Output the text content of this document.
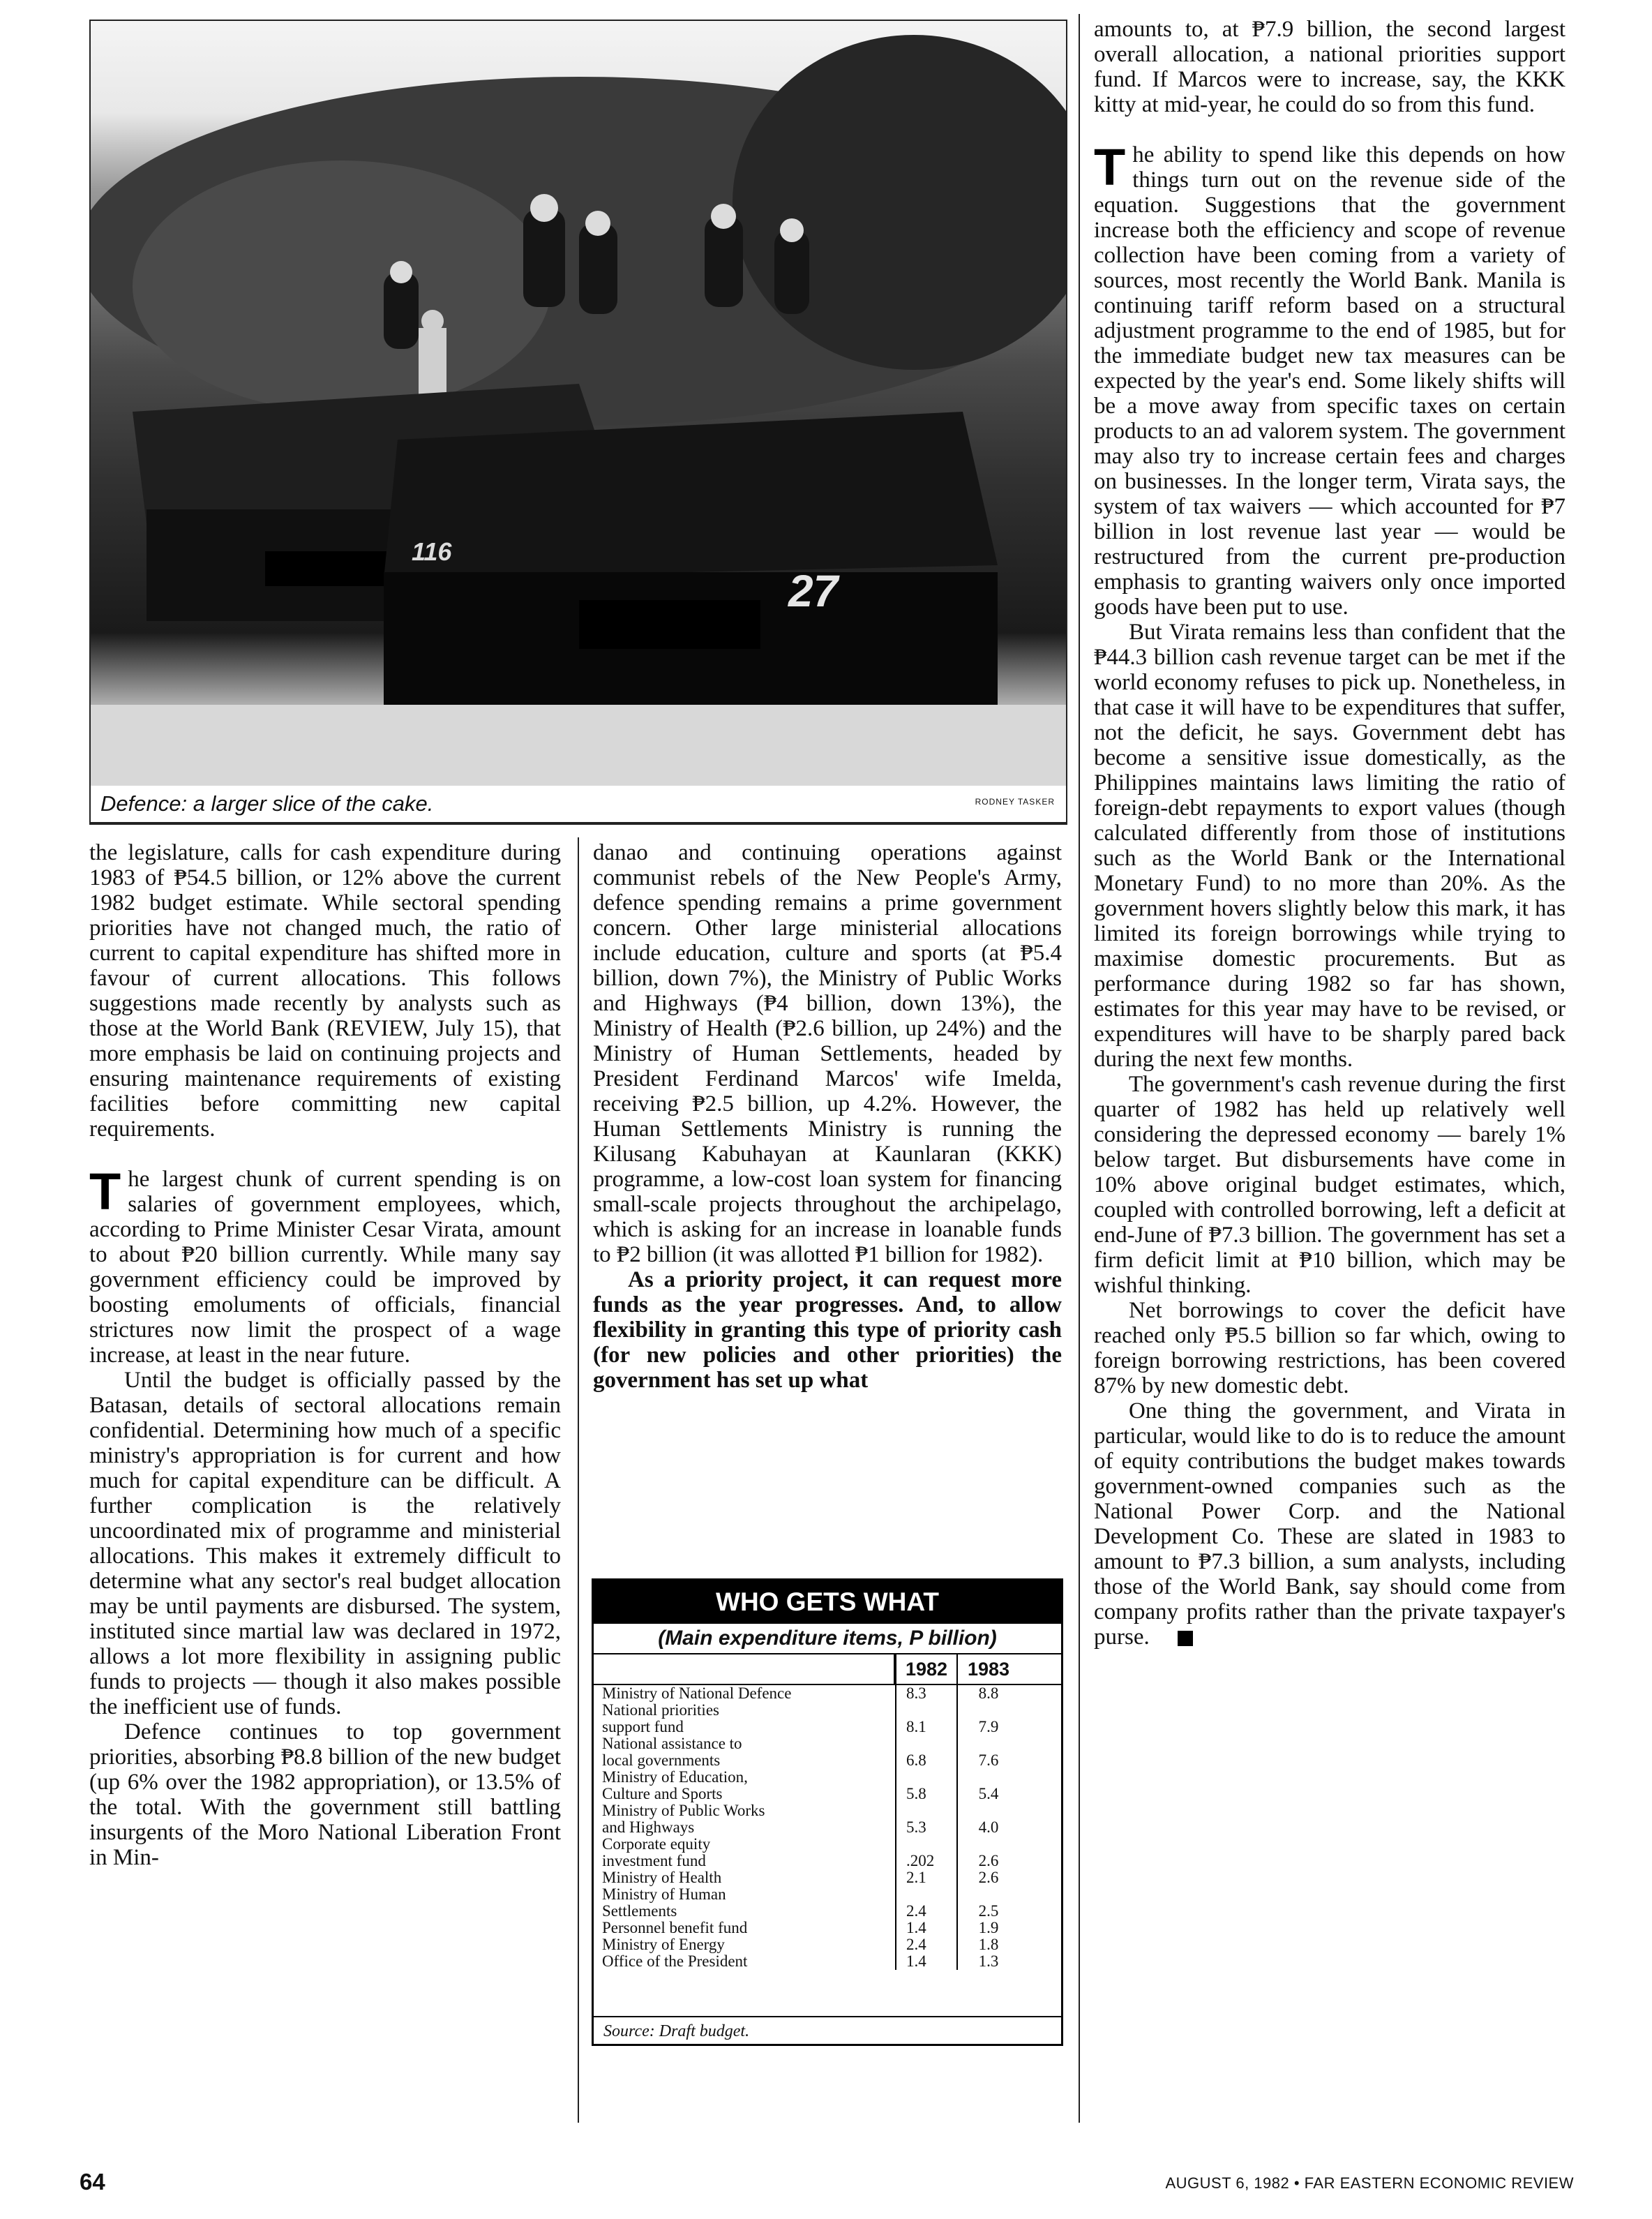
27
116
Defence: a larger slice of the cake.	RODNEY TASKER

the legislature, calls for cash expenditure during 1983 of ₱54.5 billion, or 12% above the current 1982 budget estimate. While sectoral spending priorities have not changed much, the ratio of current to capital expenditure has shifted more in favour of current allocations. This follows suggestions made recently by analysts such as those at the World Bank (REVIEW, July 15), that more emphasis be laid on continuing projects and ensuring maintenance requirements of existing facilities before committing new capital requirements.

The largest chunk of current spending is on salaries of government employees, which, according to Prime Minister Cesar Virata, amount to about ₱20 billion currently. While many say government efficiency could be improved by boosting emoluments of officials, financial strictures now limit the prospect of a wage increase, at least in the near future.

Until the budget is officially passed by the Batasan, details of sectoral allocations remain confidential. Determining how much of a specific ministry's appropriation is for current and how much for capital expenditure can be difficult. A further complication is the relatively uncoordinated mix of programme and ministerial allocations. This makes it extremely difficult to determine what any sector's real budget allocation may be until payments are disbursed. The system, instituted since martial law was declared in 1972, allows a lot more flexibility in assigning public funds to projects — though it also makes possible the inefficient use of funds.

Defence continues to top government priorities, absorbing ₱8.8 billion of the new budget (up 6% over the 1982 appropriation), or 13.5% of the total. With the government still battling insurgents of the Moro National Liberation Front in Min-

danao and continuing operations against communist rebels of the New People's Army, defence spending remains a prime government concern. Other large ministerial allocations include education, culture and sports (at ₱5.4 billion, down 7%), the Ministry of Public Works and Highways (₱4 billion, down 13%), the Ministry of Health (₱2.6 billion, up 24%) and the Ministry of Human Settlements, headed by President Ferdinand Marcos' wife Imelda, receiving ₱2.5 billion, up 4.2%. However, the Human Settlements Ministry is running the Kilusang Kabuhayan at Kaunlaran (KKK) programme, a low-cost loan system for financing small-scale projects throughout the archipelago, which is asking for an increase in loanable funds to ₱2 billion (it was allotted ₱1 billion for 1982).

As a priority project, it can request more funds as the year progresses. And, to allow flexibility in granting this type of priority cash (for new policies and other priorities) the government has set up what

amounts to, at ₱7.9 billion, the second largest overall allocation, a national priorities support fund. If Marcos were to increase, say, the KKK kitty at mid-year, he could do so from this fund.

The ability to spend like this depends on how things turn out on the revenue side of the equation. Suggestions that the government increase both the efficiency and scope of revenue collection have been coming from a variety of sources, most recently the World Bank. Manila is continuing tariff reform based on a structural adjustment programme to the end of 1985, but for the immediate budget new tax measures can be expected by the year's end. Some likely shifts will be a move away from specific taxes on certain products to an ad valorem system. The government may also try to increase certain fees and charges on businesses. In the longer term, Virata says, the system of tax waivers — which accounted for ₱7 billion in lost revenue last year — would be restructured from the current pre-production emphasis to granting waivers only once imported goods have been put to use.

But Virata remains less than confident that the ₱44.3 billion cash revenue target can be met if the world economy refuses to pick up. Nonetheless, in that case it will have to be expenditures that suffer, not the deficit, he says. Government debt has become a sensitive issue domestically, as the Philippines maintains laws limiting the ratio of foreign-debt repayments to export values (though calculated differently from those of institutions such as the World Bank or the International Monetary Fund) to no more than 20%. As the government hovers slightly below this mark, it has limited its foreign borrowings while trying to maximise domestic procurements. But as performance during 1982 so far has shown, estimates for this year may have to be revised, or expenditures will have to be sharply pared back during the next few months.

The government's cash revenue during the first quarter of 1982 has held up relatively well considering the depressed economy — barely 1% below target. But disbursements have come in 10% above original budget estimates, which, coupled with controlled borrowing, left a deficit at end-June of ₱7.3 billion. The government has set a firm deficit limit at ₱10 billion, which may be wishful thinking.

Net borrowings to cover the deficit have reached only ₱5.5 billion so far which, owing to foreign borrowing restrictions, has been covered 87% by new domestic debt.

One thing the government, and Virata in particular, would like to do is to reduce the amount of equity contributions the budget makes towards government-owned companies such as the National Power Corp. and the National Development Co. These are slated in 1983 to amount to ₱7.3 billion, a sum analysts, including those of the World Bank, say should come from company profits rather than the private taxpayer's purse.	R

WHO GETS WHAT
(Main expenditure items, P billion)
1982	1983
Ministry of National Defence	8.3	8.8
National priorities
support fund	8.1	7.9
National assistance to
local governments	6.8	7.6
Ministry of Education,
Culture and Sports	5.8	5.4
Ministry of Public Works
and Highways	5.3	4.0
Corporate equity
investment fund	.202	2.6
Ministry of Health	2.1	2.6
Ministry of Human
Settlements	2.4	2.5
Personnel benefit fund	1.4	1.9
Ministry of Energy	2.4	1.8
Office of the President	1.4	1.3
Source: Draft budget.
64	AUGUST 6, 1982 • FAR EASTERN ECONOMIC REVIEW
